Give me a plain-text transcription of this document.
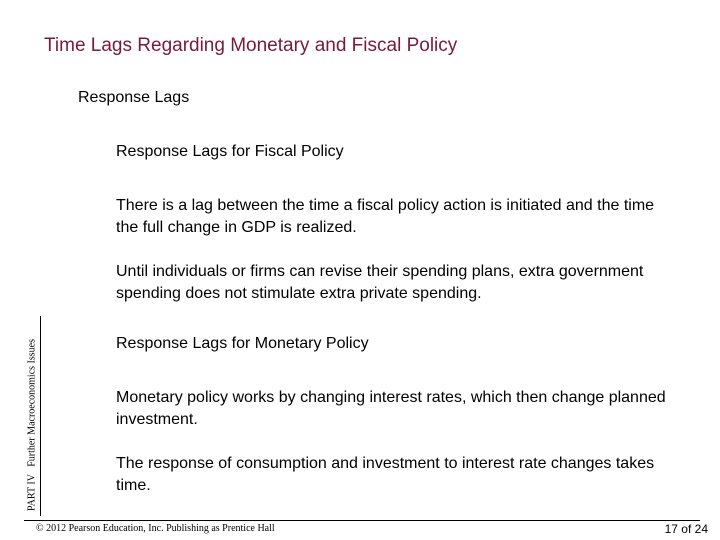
Time Lags Regarding Monetary and Fiscal Policy
Response Lags
Response Lags for Fiscal Policy
There is a lag between the time a fiscal policy action is initiated and the time the full change in GDP is realized.
Until individuals or firms can revise their spending plans, extra government spending does not stimulate extra private spending.
Response Lags for Monetary Policy
Monetary policy works by changing interest rates, which then change planned investment.
The response of consumption and investment to interest rate changes takes time.
PART IV   Further Macroeconomics Issues
© 2012 Pearson Education, Inc. Publishing as Prentice Hall	17 of 24
